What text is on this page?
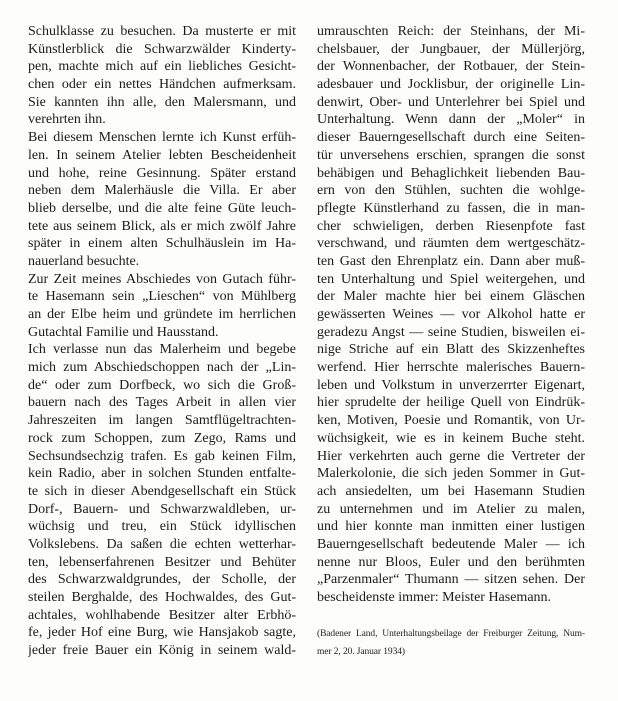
Schulklasse zu besuchen. Da musterte er mit
Künstlerblick die Schwarzwälder Kinderty-
pen, machte mich auf ein liebliches Gesicht-
chen oder ein nettes Händchen aufmerksam.
Sie kannten ihn alle, den Malersmann, und
verehrten ihn.
Bei diesem Menschen lernte ich Kunst erfüh-
len. In seinem Atelier lebten Bescheidenheit
und hohe, reine Gesinnung. Später erstand
neben dem Malerhäusle die Villa. Er aber
blieb derselbe, und die alte feine Güte leuch-
tete aus seinem Blick, als er mich zwölf Jahre
später in einem alten Schulhäuslein im Ha-
nauerland besuchte.
Zur Zeit meines Abschiedes von Gutach führ-
te Hasemann sein „Lieschen“ von Mühlberg
an der Elbe heim und gründete im herrlichen
Gutachtal Familie und Hausstand.
Ich verlasse nun das Malerheim und begebe
mich zum Abschiedschoppen nach der „Lin-
de“ oder zum Dorfbeck, wo sich die Groß-
bauern nach des Tages Arbeit in allen vier
Jahreszeiten im langen Samtflügeltrachten-
rock zum Schoppen, zum Zego, Rams und
Sechsundsechzig trafen. Es gab keinen Film,
kein Radio, aber in solchen Stunden entfalte-
te sich in dieser Abendgesellschaft ein Stück
Dorf-, Bauern- und Schwarzwaldleben, ur-
wüchsig und treu, ein Stück idyllischen
Volkslebens. Da saßen die echten wetterhar-
ten, lebenserfahrenen Besitzer und Behüter
des Schwarzwaldgrundes, der Scholle, der
steilen Berghalde, des Hochwaldes, des Gut-
achtales, wohlhabende Besitzer alter Erbhö-
fe, jeder Hof eine Burg, wie Hansjakob sagte,
jeder freie Bauer ein König in seinem wald-
umrauschten Reich: der Steinhans, der Mi-
chelsbauer, der Jungbauer, der Müllerjörg,
der Wonnenbacher, der Rotbauer, der Stein-
adesbauer und Jocklisbur, der originelle Lin-
denwirt, Ober- und Unterlehrer bei Spiel und
Unterhaltung. Wenn dann der „Moler“ in
dieser Bauerngesellschaft durch eine Seiten-
tür unversehens erschien, sprangen die sonst
behäbigen und Behaglichkeit liebenden Bau-
ern von den Stühlen, suchten die wohlge-
pflegte Künstlerhand zu fassen, die in man-
cher schwieligen, derben Riesenpfote fast
verschwand, und räumten dem wertgeschätz-
ten Gast den Ehrenplatz ein. Dann aber muß-
ten Unterhaltung und Spiel weitergehen, und
der Maler machte hier bei einem Gläschen
gewässerten Weines — vor Alkohol hatte er
geradezu Angst — seine Studien, bisweilen ei-
nige Striche auf ein Blatt des Skizzenheftes
werfend. Hier herrschte malerisches Bauern-
leben und Volkstum in unverzerrter Eigenart,
hier sprudelte der heilige Quell von Eindrük-
ken, Motiven, Poesie und Romantik, von Ur-
wüchsigkeit, wie es in keinem Buche steht.
Hier verkehrten auch gerne die Vertreter der
Malerkolonie, die sich jeden Sommer in Gut-
ach ansiedelten, um bei Hasemann Studien
zu unternehmen und im Atelier zu malen,
und hier konnte man inmitten einer lustigen
Bauerngesellschaft bedeutende Maler — ich
nenne nur Bloos, Euler und den berühmten
„Parzenmaler“ Thumann — sitzen sehen. Der
bescheidenste immer: Meister Hasemann.
(Badener Land, Unterhaltungsbeilage der Freiburger Zeitung, Num-
mer 2, 20. Januar 1934)
